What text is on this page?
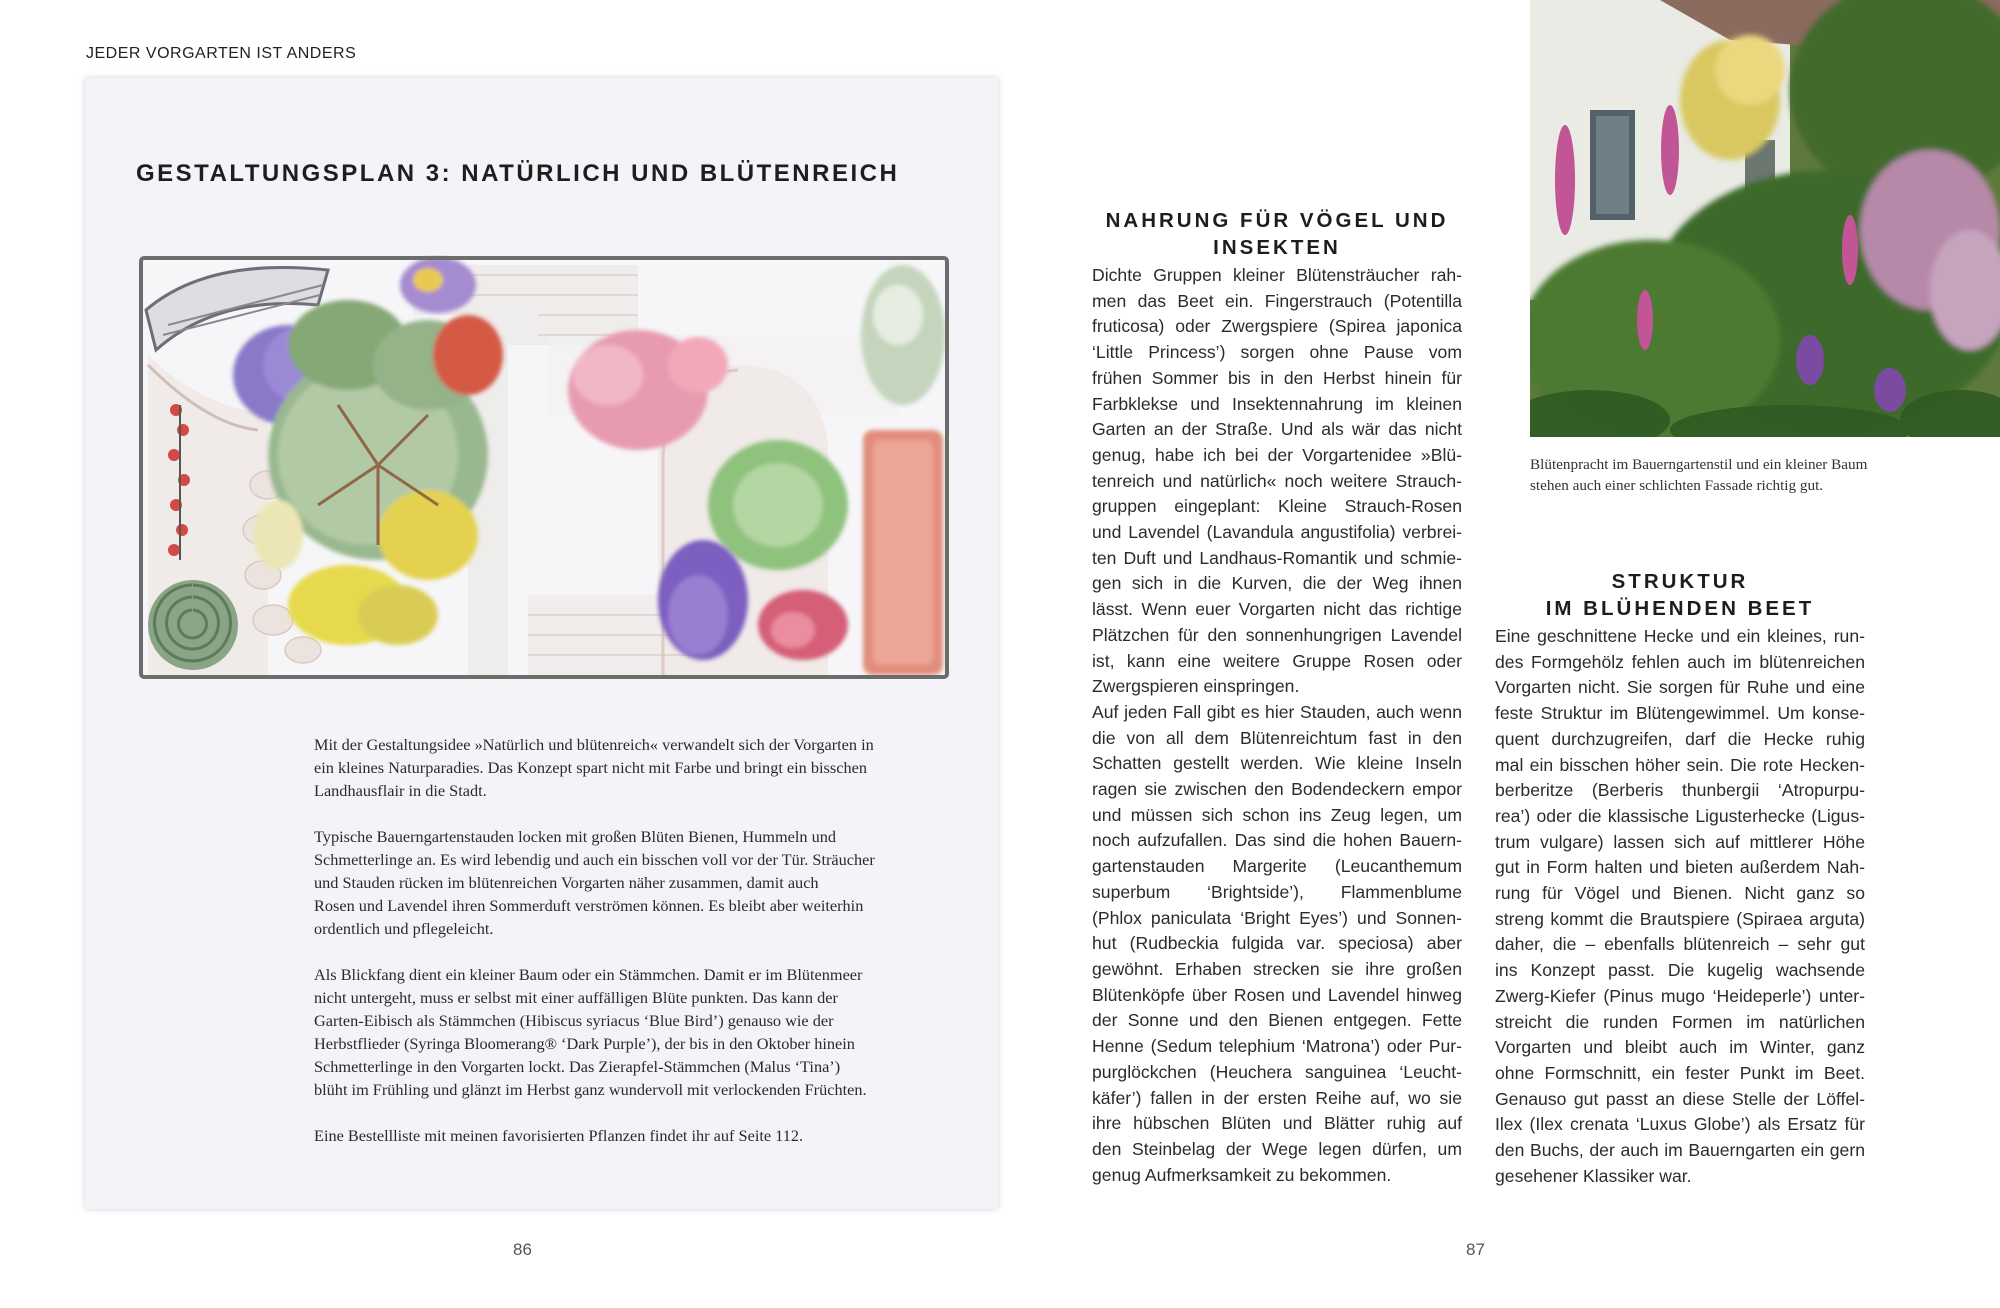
JEDER VORGARTEN IST ANDERS
GESTALTUNGSPLAN 3: NATÜRLICH UND BLÜTENREICH

Mit der Gestaltungsidee »Natürlich und blütenreich« verwandelt sich der Vorgarten in
ein kleines Naturparadies. Das Konzept spart nicht mit Farbe und bringt ein bisschen
Landhausflair in die Stadt.

Typische Bauerngartenstauden locken mit großen Blüten Bienen, Hummeln und
Schmetterlinge an. Es wird lebendig und auch ein bisschen voll vor der Tür. Sträucher
und Stauden rücken im blütenreichen Vorgarten näher zusammen, damit auch
Rosen und Lavendel ihren Sommerduft verströmen können. Es bleibt aber weiterhin
ordentlich und pflegeleicht.

Als Blickfang dient ein kleiner Baum oder ein Stämmchen. Damit er im Blütenmeer
nicht untergeht, muss er selbst mit einer auffälligen Blüte punkten. Das kann der
Garten-Eibisch als Stämmchen (Hibiscus syriacus ‘Blue Bird’) genauso wie der
Herbstflieder (Syringa Bloomerang® ‘Dark Purple’), der bis in den Oktober hinein
Schmetterlinge in den Vorgarten lockt. Das Zierapfel-Stämmchen (Malus ‘Tina’)
blüht im Frühling und glänzt im Herbst ganz wundervoll mit verlockenden Früchten.

Eine Bestellliste mit meinen favorisierten Pflanzen findet ihr auf Seite 112.

86
NAHRUNG FÜR VÖGEL UND
INSEKTEN
Dichte Gruppen kleiner Blütensträucher rah-
men das Beet ein. Fingerstrauch (Potentilla
fruticosa) oder Zwergspiere (Spirea japonica
‘Little Princess’) sorgen ohne Pause vom
frühen Sommer bis in den Herbst hinein für
Farbklekse und Insektennahrung im kleinen
Garten an der Straße. Und als wär das nicht
genug, habe ich bei der Vorgartenidee »Blü-
tenreich und natürlich« noch weitere Strauch-
gruppen eingeplant: Kleine Strauch-Rosen
und Lavendel (Lavandula angustifolia) verbrei-
ten Duft und Landhaus-Romantik und schmie-
gen sich in die Kurven, die der Weg ihnen
lässt. Wenn euer Vorgarten nicht das richtige
Plätzchen für den sonnenhungrigen Lavendel
ist, kann eine weitere Gruppe Rosen oder
Zwergspieren einspringen.
Auf jeden Fall gibt es hier Stauden, auch wenn
die von all dem Blütenreichtum fast in den
Schatten gestellt werden. Wie kleine Inseln
ragen sie zwischen den Bodendeckern empor
und müssen sich schon ins Zeug legen, um
noch aufzufallen. Das sind die hohen Bauern-
gartenstauden Margerite (Leucanthemum
superbum ‘Brightside’), Flammenblume
(Phlox paniculata ‘Bright Eyes’) und Sonnen-
hut (Rudbeckia fulgida var. speciosa) aber
gewöhnt. Erhaben strecken sie ihre großen
Blütenköpfe über Rosen und Lavendel hinweg
der Sonne und den Bienen entgegen. Fette
Henne (Sedum telephium ‘Matrona’) oder Pur-
purglöckchen (Heuchera sanguinea ‘Leucht-
käfer’) fallen in der ersten Reihe auf, wo sie
ihre hübschen Blüten und Blätter ruhig auf
den Steinbelag der Wege legen dürfen, um
genug Aufmerksamkeit zu bekommen.
Blütenpracht im Bauerngartenstil und ein kleiner Baum
stehen auch einer schlichten Fassade richtig gut.
STRUKTUR
IM BLÜHENDEN BEET
Eine geschnittene Hecke und ein kleines, run-
des Formgehölz fehlen auch im blütenreichen
Vorgarten nicht. Sie sorgen für Ruhe und eine
feste Struktur im Blütengewimmel. Um konse-
quent durchzugreifen, darf die Hecke ruhig
mal ein bisschen höher sein. Die rote Hecken-
berberitze (Berberis thunbergii ‘Atropurpu-
rea’) oder die klassische Ligusterhecke (Ligus-
trum vulgare) lassen sich auf mittlerer Höhe
gut in Form halten und bieten außerdem Nah-
rung für Vögel und Bienen. Nicht ganz so
streng kommt die Brautspiere (Spiraea arguta)
daher, die – ebenfalls blütenreich – sehr gut
ins Konzept passt. Die kugelig wachsende
Zwerg-Kiefer (Pinus mugo ‘Heideperle’) unter-
streicht die runden Formen im natürlichen
Vorgarten und bleibt auch im Winter, ganz
ohne Formschnitt, ein fester Punkt im Beet.
Genauso gut passt an diese Stelle der Löffel-
Ilex (Ilex crenata ‘Luxus Globe’) als Ersatz für
den Buchs, der auch im Bauerngarten ein gern
gesehener Klassiker war.
87
